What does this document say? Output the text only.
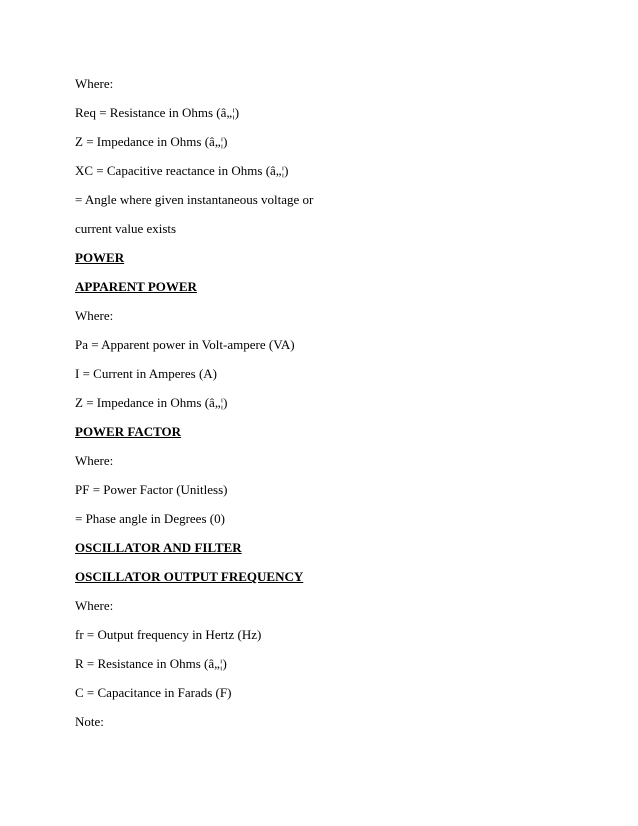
Where:
Req = Resistance in Ohms (â„¦)
Z = Impedance in Ohms (â„¦)
XC = Capacitive reactance in Ohms (â„¦)
= Angle where given instantaneous voltage or
current value exists
POWER
APPARENT POWER
Where:
Pa = Apparent power in Volt-ampere (VA)
I = Current in Amperes (A)
Z = Impedance in Ohms (â„¦)
POWER FACTOR
Where:
PF = Power Factor (Unitless)
= Phase angle in Degrees (0)
OSCILLATOR AND FILTER
OSCILLATOR OUTPUT FREQUENCY
Where:
fr = Output frequency in Hertz (Hz)
R = Resistance in Ohms (â„¦)
C = Capacitance in Farads (F)
Note:
